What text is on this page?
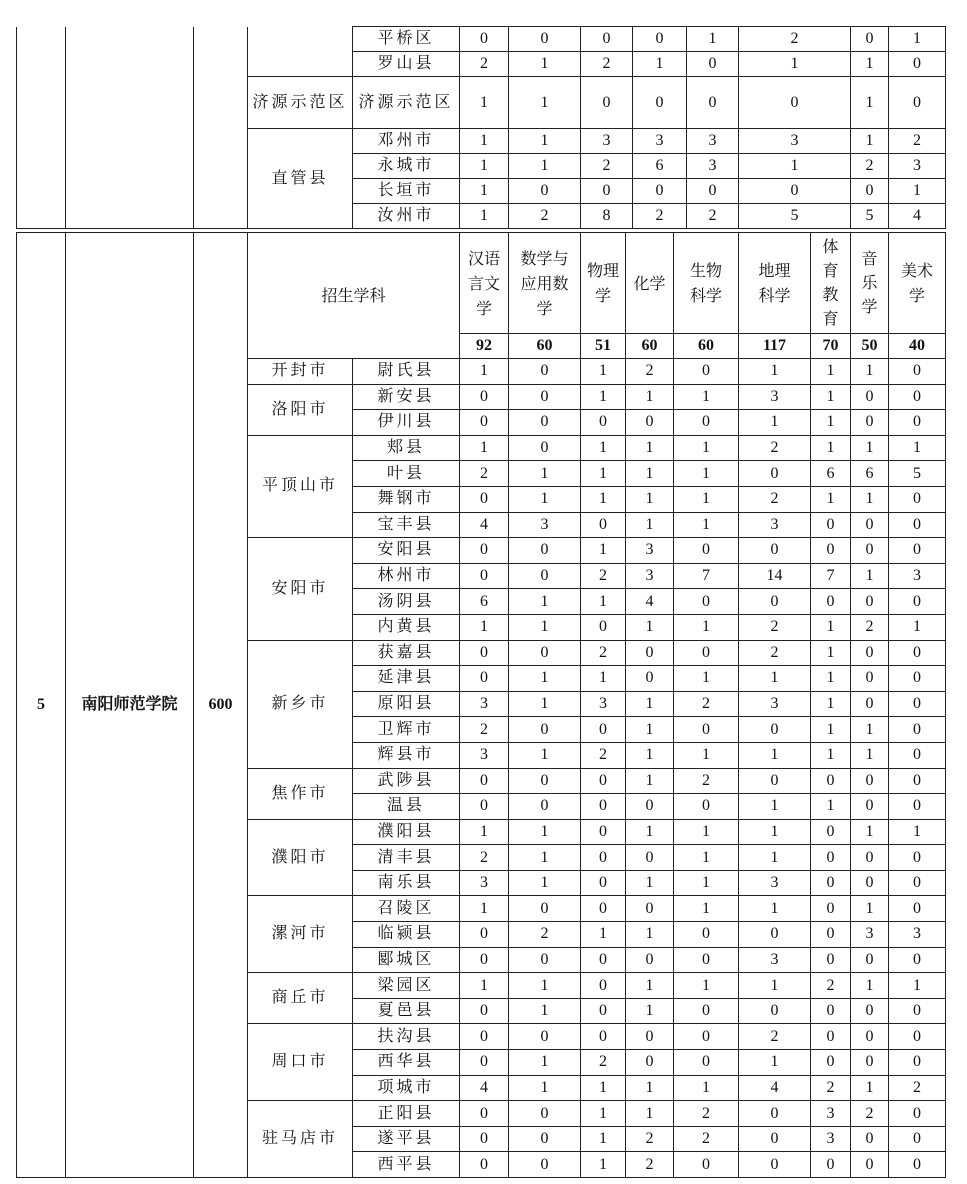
				平桥区	0	0	0	0	1	2	0	1
				罗山县	2	1	2	1	0	1	1	0
			济源示范区	济源示范区	1	1	0	0	0	0	1	0
			直管县	邓州市	1	1	3	3	3	3	1	2
				永城市	1	1	2	6	3	1	2	3
				长垣市	1	0	0	0	0	0	0	1
				汝州市	1	2	8	2	2	5	5	4
5	南阳师范学院	600	招生学科		汉语言文学	数学与应用数学	物理学	化学	生物科学	地理科学	体育教育	音乐学	美术学

					92	60	51	60	60	117	70	50	40
			开封市	尉氏县	1	0	1	2	0	1	1	1	0
			洛阳市	新安县	0	0	1	1	1	3	1	0	0
				伊川县	0	0	0	0	0	1	1	0	0
			平顶山市	郏县	1	0	1	1	1	2	1	1	1
				叶县	2	1	1	1	1	0	6	6	5
				舞钢市	0	1	1	1	1	2	1	1	0
				宝丰县	4	3	0	1	1	3	0	0	0
			安阳市	安阳县	0	0	1	3	0	0	0	0	0
				林州市	0	0	2	3	7	14	7	1	3
				汤阴县	6	1	1	4	0	0	0	0	0
				内黄县	1	1	0	1	1	2	1	2	1
			新乡市	获嘉县	0	0	2	0	0	2	1	0	0
				延津县	0	1	1	0	1	1	1	0	0
				原阳县	3	1	3	1	2	3	1	0	0
				卫辉市	2	0	0	1	0	0	1	1	0
				辉县市	3	1	2	1	1	1	1	1	0
			焦作市	武陟县	0	0	0	1	2	0	0	0	0
				温县	0	0	0	0	0	1	1	0	0
			濮阳市	濮阳县	1	1	0	1	1	1	0	1	1
				清丰县	2	1	0	0	1	1	0	0	0
				南乐县	3	1	0	1	1	3	0	0	0
			漯河市	召陵区	1	0	0	0	1	1	0	1	0
				临颍县	0	2	1	1	0	0	0	3	3
				郾城区	0	0	0	0	0	3	0	0	0
			商丘市	梁园区	1	1	0	1	1	1	2	1	1
				夏邑县	0	1	0	1	0	0	0	0	0
			周口市	扶沟县	0	0	0	0	0	2	0	0	0
				西华县	0	1	2	0	0	1	0	0	0
				项城市	4	1	1	1	1	4	2	1	2
			驻马店市	正阳县	0	0	1	1	2	0	3	2	0
				遂平县	0	0	1	2	2	0	3	0	0
				西平县	0	0	1	2	0	0	0	0	0
